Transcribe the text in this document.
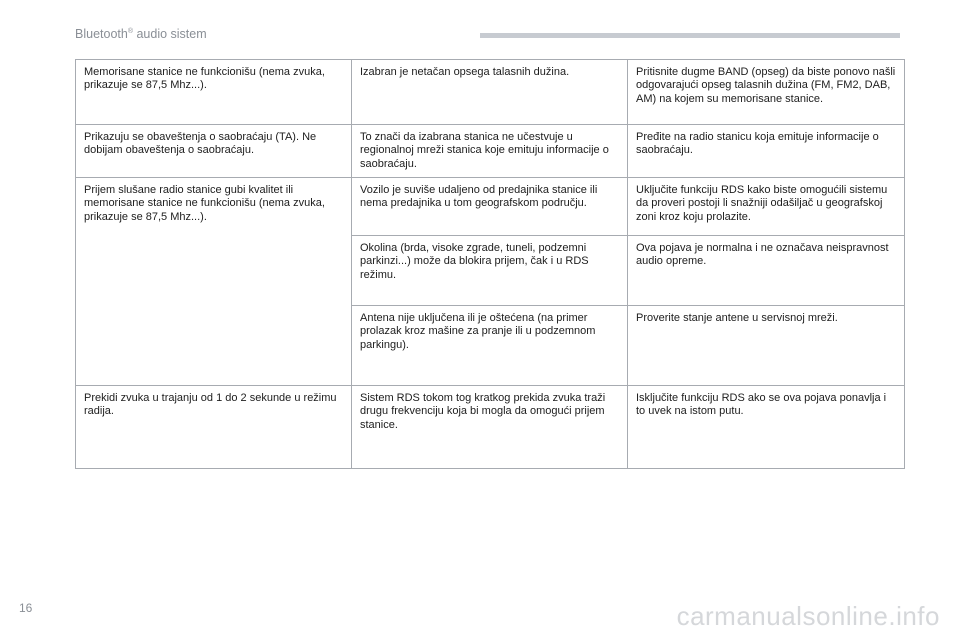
Bluetooth® audio sistem
Memorisane stanice ne funkcionišu (nema zvuka, prikazuje se 87,5 Mhz...).	Izabran je netačan opsega talasnih dužina.	Pritisnite dugme BAND (opseg) da biste ponovo našli odgovarajući opseg talasnih dužina (FM, FM2, DAB, AM) na kojem su memorisane stanice.
Prikazuju se obaveštenja o saobraćaju (TA). Ne dobijam obaveštenja o saobraćaju.	To znači da izabrana stanica ne učestvuje u regionalnoj mreži stanica koje emituju informacije o saobraćaju.	Pređite na radio stanicu koja emituje informacije o saobraćaju.
Prijem slušane radio stanice gubi kvalitet ili memorisane stanice ne funkcionišu (nema zvuka, prikazuje se 87,5 Mhz...).	Vozilo je suviše udaljeno od predajnika stanice ili nema predajnika u tom geografskom području.	Uključite funkciju RDS kako biste omogućili sistemu da proveri postoji li snažniji odašiljač u geografskoj zoni kroz koju prolazite.
	Okolina (brda, visoke zgrade, tuneli, podzemni parkinzi...) može da blokira prijem, čak i u RDS režimu.	Ova pojava je normalna i ne označava neispravnost audio opreme.
	Antena nije uključena ili je oštećena (na primer prolazak kroz mašine za pranje ili u podzemnom parkingu).	Proverite stanje antene u servisnoj mreži.
Prekidi zvuka u trajanju od 1 do 2 sekunde u režimu radija.	Sistem RDS tokom tog kratkog prekida zvuka traži drugu frekvenciju koja bi mogla da omogući prijem stanice.	Isključite funkciju RDS ako se ova pojava ponavlja i to uvek na istom putu.
16	carmanualsonline.info
